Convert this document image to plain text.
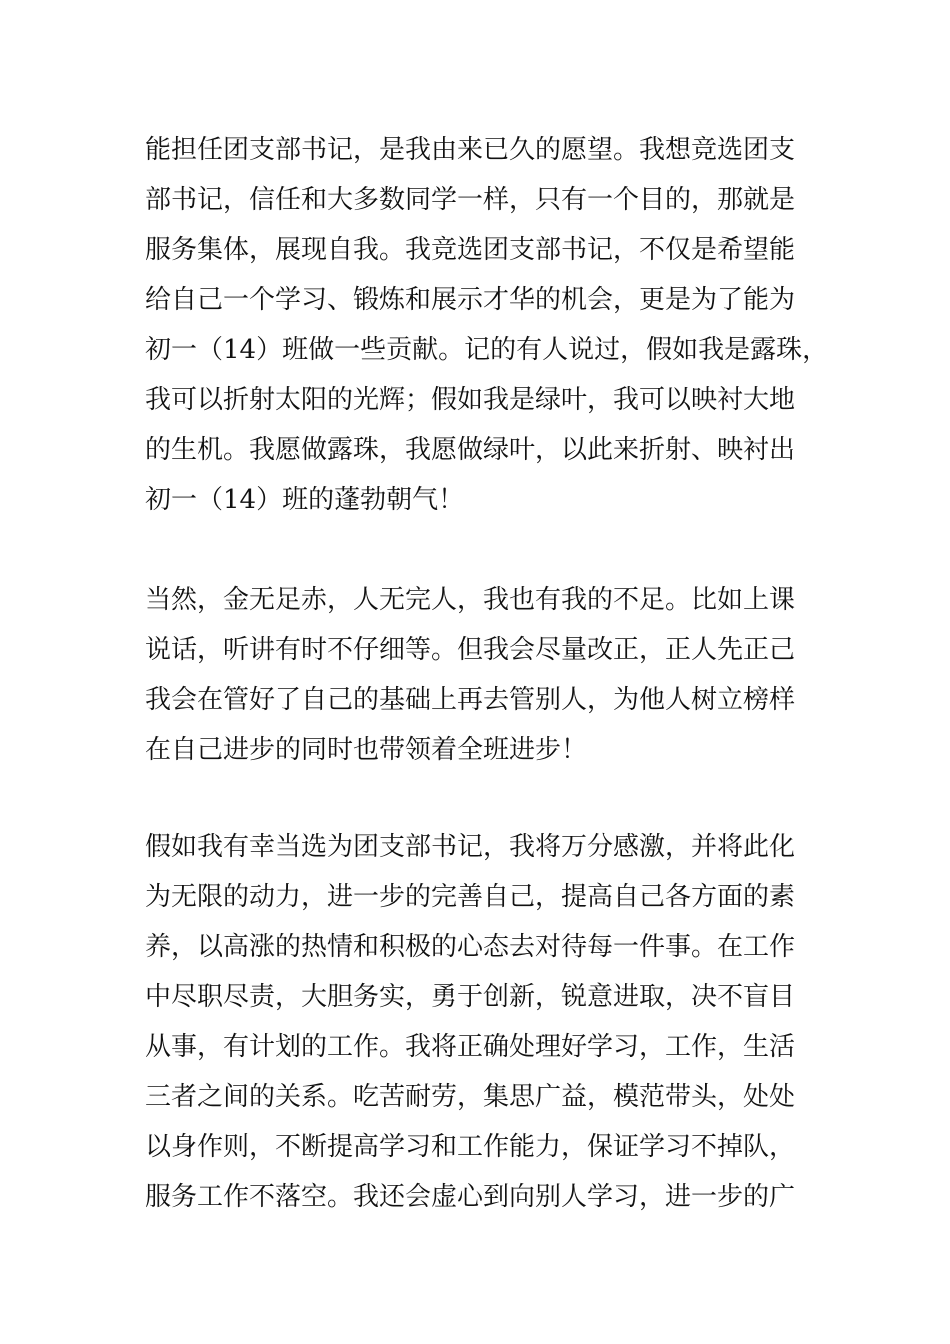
能担任团支部书记，是我由来已久的愿望。我想竞选团支
部书记，信任和大多数同学一样，只有一个目的，那就是
服务集体，展现自我。我竞选团支部书记，不仅是希望能
给自己一个学习、锻炼和展示才华的机会，更是为了能为
初一（14）班做一些贡献。记的有人说过，假如我是露珠，
我可以折射太阳的光辉；假如我是绿叶，我可以映衬大地
的生机。我愿做露珠，我愿做绿叶，以此来折射、映衬出
初一（14）班的蓬勃朝气！
当然，金无足赤，人无完人，我也有我的不足。比如上课
说话，听讲有时不仔细等。但我会尽量改正，正人先正己
我会在管好了自己的基础上再去管别人，为他人树立榜样
在自己进步的同时也带领着全班进步！
假如我有幸当选为团支部书记，我将万分感激，并将此化
为无限的动力，进一步的完善自己，提高自己各方面的素
养，以高涨的热情和积极的心态去对待每一件事。在工作
中尽职尽责，大胆务实，勇于创新，锐意进取，决不盲目
从事，有计划的工作。我将正确处理好学习，工作，生活
三者之间的关系。吃苦耐劳，集思广益，模范带头，处处
以身作则，不断提高学习和工作能力，保证学习不掉队，
服务工作不落空。我还会虚心到向别人学习，进一步的广
